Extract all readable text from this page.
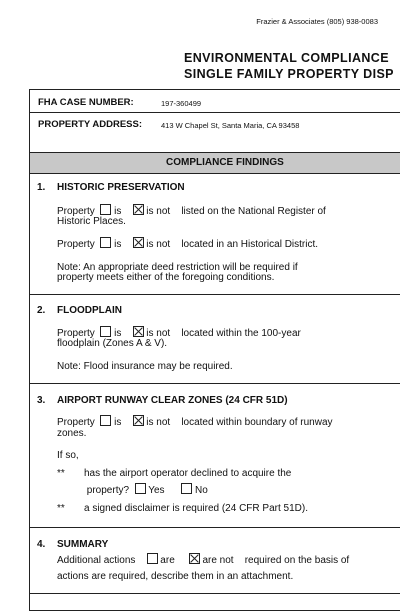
Frazier & Associates (805) 938-0083
ENVIRONMENTAL COMPLIANCE
SINGLE FAMILY PROPERTY DISP
FHA CASE NUMBER:	197-360499
PROPERTY ADDRESS:	413 W Chapel St, Santa Maria, CA 93458
COMPLIANCE FINDINGS
1. HISTORIC PRESERVATION
Property is is not listed on the National Register of
Historic Places.
Property is is not located in an Historical District.
Note: An appropriate deed restriction will be required if
property meets either of the foregoing conditions.
2. FLOODPLAIN
Property is is not located within the 100-year
floodplain (Zones A & V).
Note: Flood insurance may be required.
3. AIRPORT RUNWAY CLEAR ZONES (24 CFR 51D)
Property is is not located within boundary of runway
zones.
If so,
** has the airport operator declined to acquire the
property? Yes	No
** a signed disclaimer is required (24 CFR Part 51D).
4. SUMMARY
Additional actions are	are not required on the basis of
actions are required, describe them in an attachment.
